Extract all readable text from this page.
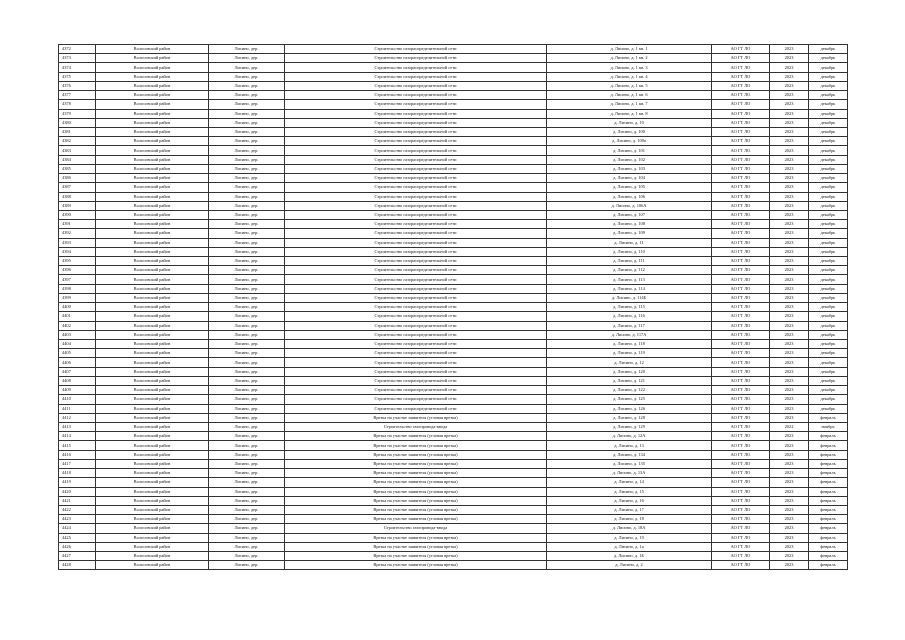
4372	Волосовский район	Лисино, дер.	Строительство газораспределительной сети	д. Лисино, д. 1 кв. 1	АО ГТ ЛО	2023	декабрь
4373	Волосовский район	Лисино, дер.	Строительство газораспределительной сети	д. Лисино, д. 1 кв. 2	АО ГТ ЛО	2023	декабрь
4374	Волосовский район	Лисино, дер.	Строительство газораспределительной сети	д. Лисино, д. 1 кв. 3	АО ГТ ЛО	2023	декабрь
4375	Волосовский район	Лисино, дер.	Строительство газораспределительной сети	д. Лисино, д. 1 кв. 4	АО ГТ ЛО	2023	декабрь
4376	Волосовский район	Лисино, дер.	Строительство газораспределительной сети	д. Лисино, д. 1 кв. 5	АО ГТ ЛО	2023	декабрь
4377	Волосовский район	Лисино, дер.	Строительство газораспределительной сети	д. Лисино, д. 1 кв. 6	АО ГТ ЛО	2023	декабрь
4378	Волосовский район	Лисино, дер.	Строительство газораспределительной сети	д. Лисино, д. 1 кв. 7	АО ГТ ЛО	2023	декабрь
4379	Волосовский район	Лисино, дер.	Строительство газораспределительной сети	д. Лисино, д. 1 кв. 8	АО ГТ ЛО	2023	декабрь
4380	Волосовский район	Лисино, дер.	Строительство газораспределительной сети	д. Лисино, д. 10	АО ГТ ЛО	2023	декабрь
4381	Волосовский район	Лисино, дер.	Строительство газораспределительной сети	д. Лисино, д. 100	АО ГТ ЛО	2023	декабрь
4382	Волосовский район	Лисино, дер.	Строительство газораспределительной сети	д. Лисино, д. 100а	АО ГТ ЛО	2023	декабрь
4383	Волосовский район	Лисино, дер.	Строительство газораспределительной сети	д. Лисино, д. 101	АО ГТ ЛО	2023	декабрь
4384	Волосовский район	Лисино, дер.	Строительство газораспределительной сети	д. Лисино, д. 102	АО ГТ ЛО	2023	декабрь
4385	Волосовский район	Лисино, дер.	Строительство газораспределительной сети	д. Лисино, д. 103	АО ГТ ЛО	2023	декабрь
4386	Волосовский район	Лисино, дер.	Строительство газораспределительной сети	д. Лисино, д. 104	АО ГТ ЛО	2023	декабрь
4387	Волосовский район	Лисино, дер.	Строительство газораспределительной сети	д. Лисино, д. 105	АО ГТ ЛО	2023	декабрь
4388	Волосовский район	Лисино, дер.	Строительство газораспределительной сети	д. Лисино, д. 106	АО ГТ ЛО	2023	декабрь
4389	Волосовский район	Лисино, дер.	Строительство газораспределительной сети	д. Лисино, д. 106А	АО ГТ ЛО	2023	декабрь
4390	Волосовский район	Лисино, дер.	Строительство газораспределительной сети	д. Лисино, д. 107	АО ГТ ЛО	2023	декабрь
4391	Волосовский район	Лисино, дер.	Строительство газораспределительной сети	д. Лисино, д. 108	АО ГТ ЛО	2023	декабрь
4392	Волосовский район	Лисино, дер.	Строительство газораспределительной сети	д. Лисино, д. 109	АО ГТ ЛО	2023	декабрь
4393	Волосовский район	Лисино, дер.	Строительство газораспределительной сети	д. Лисино, д. 11	АО ГТ ЛО	2023	декабрь
4394	Волосовский район	Лисино, дер.	Строительство газораспределительной сети	д. Лисино, д. 110	АО ГТ ЛО	2023	декабрь
4395	Волосовский район	Лисино, дер.	Строительство газораспределительной сети	д. Лисино, д. 111	АО ГТ ЛО	2023	декабрь
4396	Волосовский район	Лисино, дер.	Строительство газораспределительной сети	д. Лисино, д. 112	АО ГТ ЛО	2023	декабрь
4397	Волосовский район	Лисино, дер.	Строительство газораспределительной сети	д. Лисино, д. 113	АО ГТ ЛО	2023	декабрь
4398	Волосовский район	Лисино, дер.	Строительство газораспределительной сети	д. Лисино, д. 114	АО ГТ ЛО	2023	декабрь
4399	Волосовский район	Лисино, дер.	Строительство газораспределительной сети	д. Лисино, д. 114Б	АО ГТ ЛО	2023	декабрь
4400	Волосовский район	Лисино, дер.	Строительство газораспределительной сети	д. Лисино, д. 115	АО ГТ ЛО	2023	декабрь
4401	Волосовский район	Лисино, дер.	Строительство газораспределительной сети	д. Лисино, д. 116	АО ГТ ЛО	2023	декабрь
4402	Волосовский район	Лисино, дер.	Строительство газораспределительной сети	д. Лисино, д. 117	АО ГТ ЛО	2023	декабрь
4403	Волосовский район	Лисино, дер.	Строительство газораспределительной сети	д. Лисино, д. 117А	АО ГТ ЛО	2023	декабрь
4404	Волосовский район	Лисино, дер.	Строительство газораспределительной сети	д. Лисино, д. 118	АО ГТ ЛО	2023	декабрь
4405	Волосовский район	Лисино, дер.	Строительство газораспределительной сети	д. Лисино, д. 119	АО ГТ ЛО	2023	декабрь
4406	Волосовский район	Лисино, дер.	Строительство газораспределительной сети	д. Лисино, д. 12	АО ГТ ЛО	2023	декабрь
4407	Волосовский район	Лисино, дер.	Строительство газораспределительной сети	д. Лисино, д. 120	АО ГТ ЛО	2023	декабрь
4408	Волосовский район	Лисино, дер.	Строительство газораспределительной сети	д. Лисино, д. 121	АО ГТ ЛО	2023	декабрь
4409	Волосовский район	Лисино, дер.	Строительство газораспределительной сети	д. Лисино, д. 122	АО ГТ ЛО	2023	декабрь
4410	Волосовский район	Лисино, дер.	Строительство газораспределительной сети	д. Лисино, д. 125	АО ГТ ЛО	2023	декабрь
4411	Волосовский район	Лисино, дер.	Строительство газораспределительной сети	д. Лисино, д. 126	АО ГТ ЛО	2023	декабрь
4412	Волосовский район	Лисино, дер.	Врезка на участке заявителя (угловая врезка)	д. Лисино, д. 128	АО ГТ ЛО	2023	февраль
4413	Волосовский район	Лисино, дер.	Строительство газопровода-ввода	д. Лисино, д. 129	АО ГТ ЛО	2022	ноябрь
4414	Волосовский район	Лисино, дер.	Врезка на участке заявителя (угловая врезка)	д. Лисино, д. 12А	АО ГТ ЛО	2023	февраль
4415	Волосовский район	Лисино, дер.	Врезка на участке заявителя (угловая врезка)	д. Лисино, д. 13	АО ГТ ЛО	2023	февраль
4416	Волосовский район	Лисино, дер.	Врезка на участке заявителя (угловая врезка)	д. Лисино, д. 134	АО ГТ ЛО	2023	февраль
4417	Волосовский район	Лисино, дер.	Врезка на участке заявителя (угловая врезка)	д. Лисино, д. 135	АО ГТ ЛО	2023	февраль
4418	Волосовский район	Лисино, дер.	Врезка на участке заявителя (угловая врезка)	д. Лисино, д. 13А	АО ГТ ЛО	2023	февраль
4419	Волосовский район	Лисино, дер.	Врезка на участке заявителя (угловая врезка)	д. Лисино, д. 14	АО ГТ ЛО	2023	февраль
4420	Волосовский район	Лисино, дер.	Врезка на участке заявителя (угловая врезка)	д. Лисино, д. 15	АО ГТ ЛО	2023	февраль
4421	Волосовский район	Лисино, дер.	Врезка на участке заявителя (угловая врезка)	д. Лисино, д. 16	АО ГТ ЛО	2023	февраль
4422	Волосовский район	Лисино, дер.	Врезка на участке заявителя (угловая врезка)	д. Лисино, д. 17	АО ГТ ЛО	2023	февраль
4423	Волосовский район	Лисино, дер.	Врезка на участке заявителя (угловая врезка)	д. Лисино, д. 18	АО ГТ ЛО	2023	февраль
4424	Волосовский район	Лисино, дер.	Строительство газопровода-ввода	д. Лисино, д. 18А	АО ГТ ЛО	2023	февраль
4425	Волосовский район	Лисино, дер.	Врезка на участке заявителя (угловая врезка)	д. Лисино, д. 19	АО ГТ ЛО	2023	февраль
4426	Волосовский район	Лисино, дер.	Врезка на участке заявителя (угловая врезка)	д. Лисино, д. 1а	АО ГТ ЛО	2023	февраль
4427	Волосовский район	Лисино, дер.	Врезка на участке заявителя (угловая врезка)	д. Лисино, д. 1Б	АО ГТ ЛО	2023	февраль
4428	Волосовский район	Лисино, дер.	Врезка на участке заявителя (угловая врезка)	д. Лисино, д. 2	АО ГТ ЛО	2023	февраль
